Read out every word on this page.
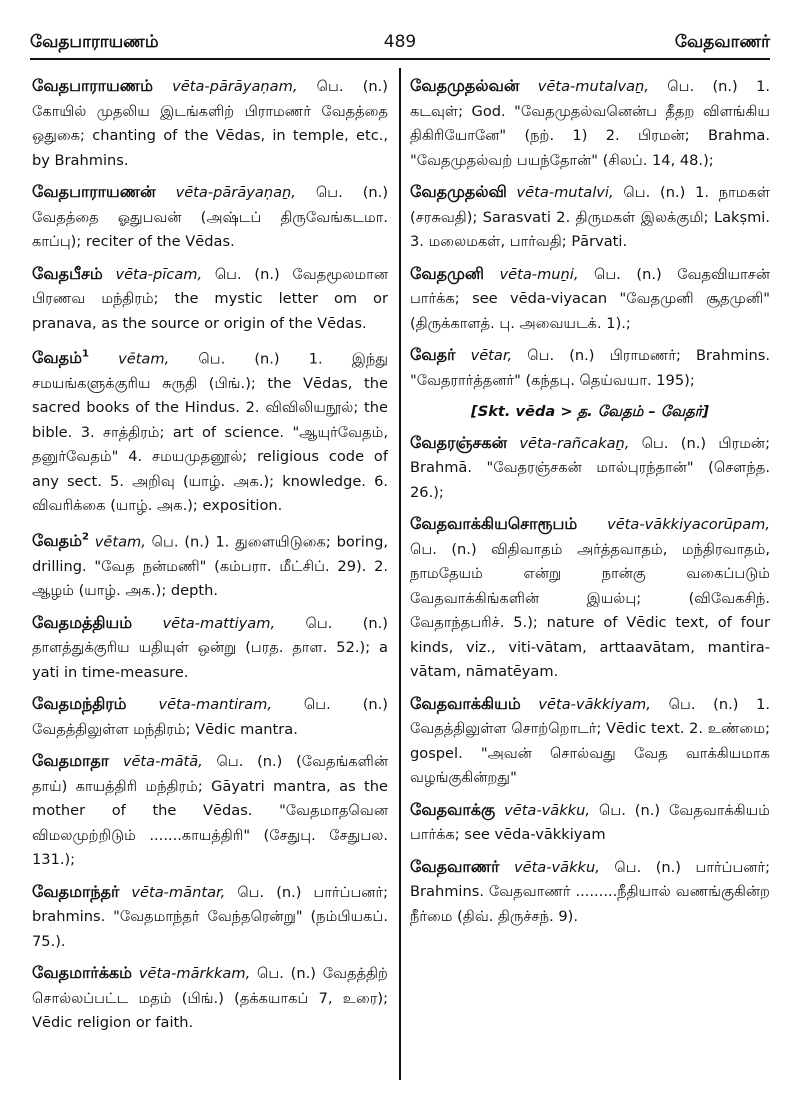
வேதபாராயணம்	489	வேதவாணர்

வேதபாராயணம் vēta-pārāyaṇam, பெ. (n.) கோயில் முதலிய இடங்களிற் பிராமணர் வேதத்தை ஒதுகை; chanting of the Vēdas, in temple, etc., by Brahmins.

வேதபாராயணன் vēta-pārāyaṇaṉ, பெ. (n.) வேதத்தை ஓதுபவன் (அஷ்டப் திருவேங்கடமா. காப்பு); reciter of the Vēdas.

வேதபீசம் vēta-pīcam, பெ. (n.) வேதமூலமான பிரணவ மந்திரம்; the mystic letter om or pranava, as the source or origin of the Vēdas.

வேதம்$^1$ vētam, பெ. (n.) 1. இந்து சமயங்களுக்குரிய சுருதி (பிங்.); the Vēdas, the sacred books of the Hindus. 2. விவிலியநூல்; the bible. 3. சாத்திரம்; art of science. "ஆயுர்வேதம், தனுர்வேதம்" 4. சமயமுதனூல்; religious code of any sect. 5. அறிவு (யாழ். அக.); knowledge. 6. விவரிக்கை (யாழ். அக.); exposition.

வேதம்$^2$ vētam, பெ. (n.) 1. துளையிடுகை; boring, drilling. "வேத நன்மணி" (கம்பரா. மீட்சிப். 29). 2. ஆழம் (யாழ். அக.); depth.

வேதமத்தியம் vēta-mattiyam, பெ. (n.) தாளத்துக்குரிய யதியுள் ஒன்று (பரத. தாள. 52.); a yati in time-measure.

வேதமந்திரம் vēta-mantiram, பெ. (n.) வேதத்திலுள்ள மந்திரம்; Vēdic mantra.

வேதமாதா vēta-mātā, பெ. (n.) (வேதங்களின் தாய்) காயத்திரி மந்திரம்; Gāyatri mantra, as the mother of the Vēdas. "வேதமாதவென விமலமுற்றிடும் .......காயத்திரி" (சேதுபு. சேதுபல. 131.);

வேதமாந்தர் vēta-māntar, பெ. (n.) பார்ப்பனர்; brahmins. "வேதமாந்தர் வேந்தரென்று" (நம்பியகப். 75.).

வேதமார்க்கம் vēta-mārkkam, பெ. (n.) வேதத்திற் சொல்லப்பட்ட மதம் (பிங்.) (தக்கயாகப் 7, உரை); Vēdic religion or faith.

வேதமுதல்வன் vēta-mutalvaṉ, பெ. (n.) 1. கடவுள்; God. "வேதமுதல்வனென்ப தீதற விளங்கிய திகிரியோனே" (நற். 1) 2. பிரமன்; Brahma. "வேதமுதல்வற் பயந்தோன்" (சிலப். 14, 48.);

வேதமுதல்வி vēta-mutalvi, பெ. (n.) 1. நாமகள் (சரசுவதி); Sarasvati 2. திருமகள் இலக்குமி; Lakṣmi. 3. மலைமகள், பார்வதி; Pārvati.

வேதமுனி vēta-muṉi, பெ. (n.) வேதவியாசன் பார்க்க; see vēda-viyacan "வேதமுனி சூதமுனி" (திருக்காளத். பு. அவையடக். 1).;

வேதர் vētar, பெ. (n.) பிராமணர்; Brahmins. "வேதரார்த்தனர்" (கந்தபு. தெய்வயா. 195);

[Skt. vēda > த. வேதம் – வேதர்]

வேதரஞ்சகன் vēta-rañcakaṉ, பெ. (n.) பிரமன்; Brahmā. "வேதரஞ்சகன் மால்புரந்தான்" (சௌந்த. 26.);

வேதவாக்கியசொரூபம் vēta-vākkiyacorūpam, பெ. (n.) விதிவாதம் அர்த்தவாதம், மந்திரவாதம், நாமதேயம் என்று நான்கு வகைப்படும் வேதவாக்கிங்களின் இயல்பு; (விவேகசிந். வேதாந்தபரிச். 5.); nature of Vēdic text, of four kinds, viz., viti-vātam, arttaavātam, mantira-vātam, nāmatēyam.

வேதவாக்கியம் vēta-vākkiyam, பெ. (n.) 1. வேதத்திலுள்ள சொற்றொடர்; Vēdic text. 2. உண்மை; gospel. "அவன் சொல்வது வேத வாக்கியமாக வழங்குகின்றது"

வேதவாக்கு vēta-vākku, பெ. (n.) வேதவாக்கியம் பார்க்க; see vēda-vākkiyam

வேதவாணர் vēta-vākku, பெ. (n.) பார்ப்பனர்; Brahmins. வேதவாணர் .........நீதியால் வணங்குகின்ற நீர்மை (திவ். திருச்சந். 9).
